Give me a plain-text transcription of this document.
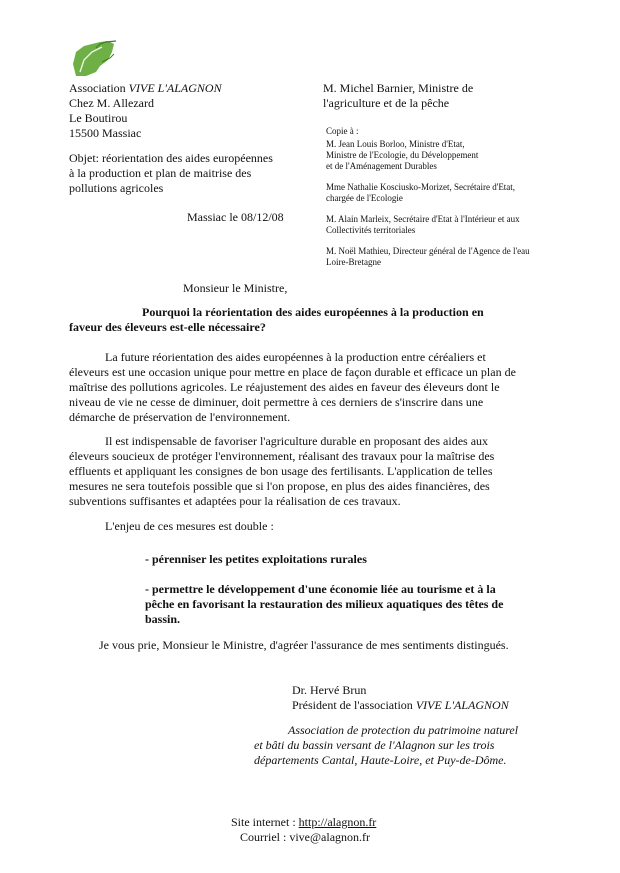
Association VIVE L'ALAGNON
Chez M. Allezard
Le Boutirou
15500 Massiac
M. Michel Barnier, Ministre de
l'agriculture et de la pêche
Copie à :
M. Jean Louis Borloo, Ministre d'Etat,
Ministre de l'Ecologie, du Développement
et de l'Aménagement Durables
Mme Nathalie Kosciusko-Morizet, Secrétaire d'Etat,
chargée de l'Ecologie
M. Alain Marleix, Secrétaire d'Etat à l'Intérieur et aux
Collectivités territoriales
M. Noël Mathieu, Directeur général de l'Agence de l'eau
Loire-Bretagne
Objet: réorientation des aides européennes
à la production et plan de maitrise des
pollutions agricoles
Massiac le 08/12/08
Monsieur le Ministre,
Pourquoi la réorientation des aides européennes à la production en
faveur des éleveurs est-elle nécessaire?
La future réorientation des aides européennes à la production entre céréaliers et
éleveurs est une occasion unique pour mettre en place de façon durable et efficace un plan de
maîtrise des pollutions agricoles. Le réajustement des aides en faveur des éleveurs dont le
niveau de vie ne cesse de diminuer, doit permettre à ces derniers de s'inscrire dans une
démarche de préservation de l'environnement.
Il est indispensable de favoriser l'agriculture durable en proposant des aides aux
éleveurs soucieux de protéger l'environnement, réalisant des travaux pour la maîtrise des
effluents et appliquant les consignes de bon usage des fertilisants. L'application de telles
mesures ne sera toutefois possible que si l'on propose, en plus des aides financières, des
subventions suffisantes et adaptées pour la réalisation de ces travaux.
L'enjeu de ces mesures est double :
- pérenniser les petites exploitations rurales
- permettre le développement d'une économie liée au tourisme et à la
pêche en favorisant la restauration des milieux aquatiques des têtes de
bassin.
Je vous prie, Monsieur le Ministre, d'agréer l'assurance de mes sentiments distingués.
Dr. Hervé Brun
Président de l'association VIVE L'ALAGNON
Association de protection du patrimoine naturel
et bâti du bassin versant de l'Alagnon sur les trois
départements Cantal, Haute-Loire, et Puy-de-Dôme.
Site internet : http://alagnon.fr
Courriel : vive@alagnon.fr
